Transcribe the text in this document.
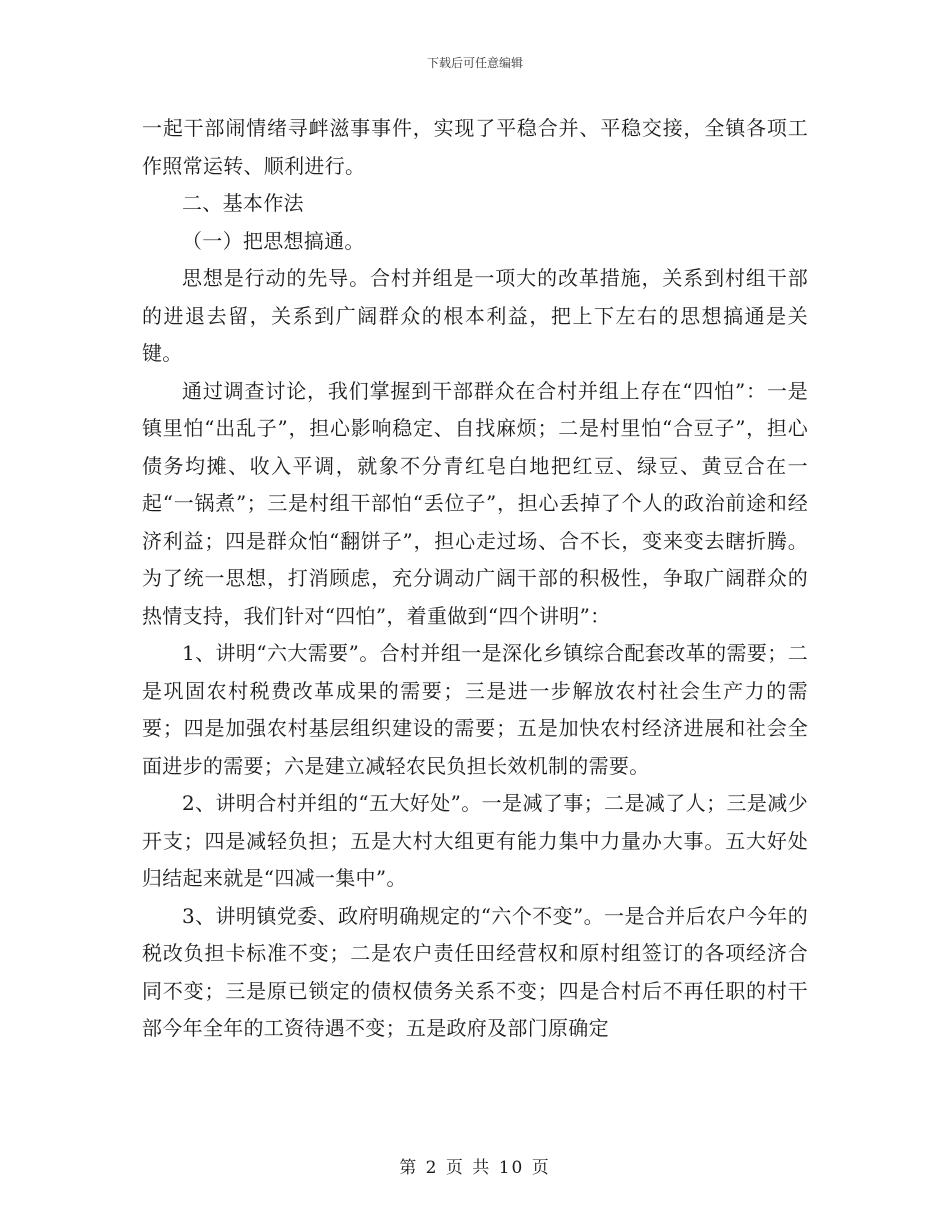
下载后可任意编辑

一起干部闹情绪寻衅滋事事件，实现了平稳合并、平稳交接，全镇各项工作照常运转、顺利进行。

二、基本作法

（一）把思想搞通。

思想是行动的先导。合村并组是一项大的改革措施，关系到村组干部的进退去留，关系到广阔群众的根本利益，把上下左右的思想搞通是关键。

通过调查讨论，我们掌握到干部群众在合村并组上存在“四怕”：一是镇里怕“出乱子”，担心影响稳定、自找麻烦；二是村里怕“合豆子”，担心债务均摊、收入平调，就象不分青红皂白地把红豆、绿豆、黄豆合在一起“一锅煮”；三是村组干部怕“丢位子”，担心丢掉了个人的政治前途和经济利益；四是群众怕“翻饼子”，担心走过场、合不长，变来变去瞎折腾。为了统一思想，打消顾虑，充分调动广阔干部的积极性，争取广阔群众的热情支持，我们针对“四怕”，着重做到“四个讲明”：

1、讲明“六大需要”。合村并组一是深化乡镇综合配套改革的需要；二是巩固农村税费改革成果的需要；三是进一步解放农村社会生产力的需要；四是加强农村基层组织建设的需要；五是加快农村经济进展和社会全面进步的需要；六是建立减轻农民负担长效机制的需要。

2、讲明合村并组的“五大好处”。一是减了事；二是减了人；三是减少开支；四是减轻负担；五是大村大组更有能力集中力量办大事。五大好处归结起来就是“四减一集中”。

3、讲明镇党委、政府明确规定的“六个不变”。一是合并后农户今年的税改负担卡标准不变；二是农户责任田经营权和原村组签订的各项经济合同不变；三是原已锁定的债权债务关系不变；四是合村后不再任职的村干部今年全年的工资待遇不变；五是政府及部门原确定

第 2 页 共 10 页
